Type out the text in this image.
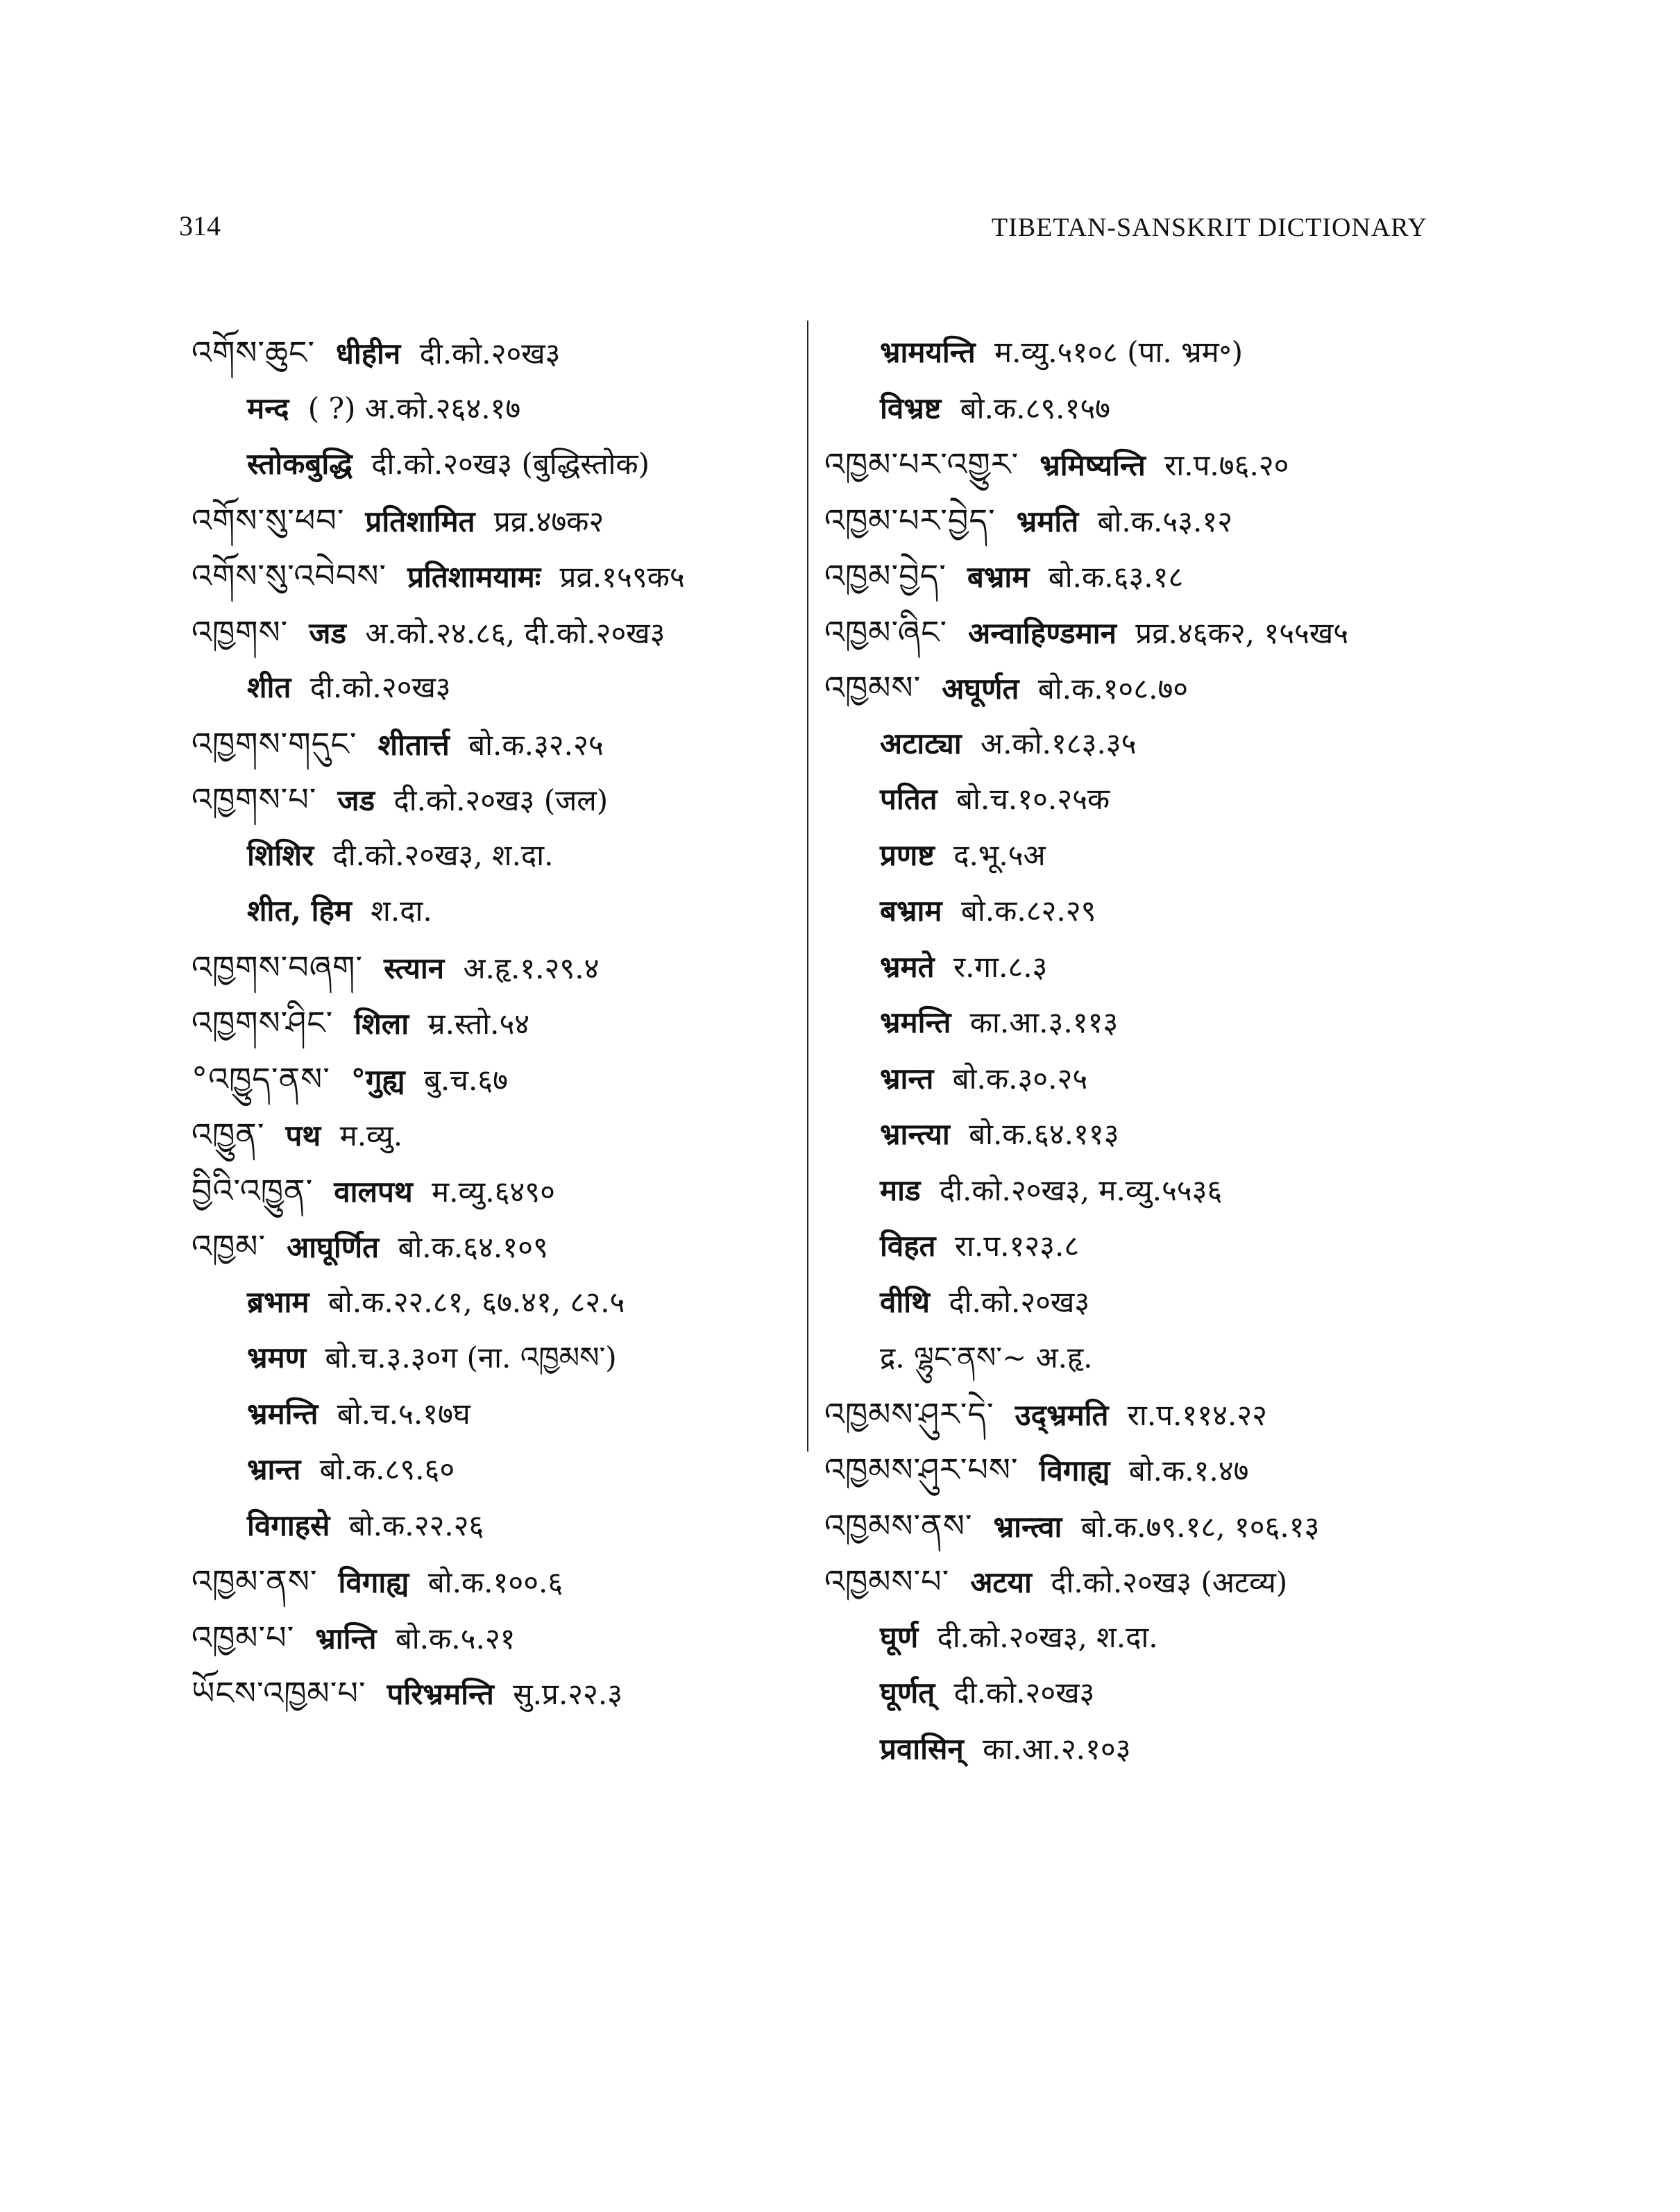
314	TIBETAN-SANSKRIT DICTIONARY
འགོས་ཆུང་ धीहीन दी.को.२०ख३
मन्द ( ?) अ.को.२६४.१७
स्तोकबुद्धि दी.को.२०ख३ (बुद्धिस्तोक)
འགོས་སུ་ཕབ་ प्रतिशामित प्रव्र.४७क२
འགོས་སུ་འབེབས་ प्रतिशामयामः प्रव्र.१५९क५
འཁྱགས་ जड अ.को.२४.८६, दी.को.२०ख३
शीत दी.को.२०ख३
འཁྱགས་གདུང་ शीतार्त्त बो.क.३२.२५
འཁྱགས་པ་ जड दी.को.२०ख३ (जल)
शिशिर दी.को.२०ख३, श.दा.
शीत, हिम श.दा.
འཁྱགས་བཞག་ स्त्यान अ.हृ.१.२९.४
འཁྱགས་ཤིང་ शिला म्र.स्तो.५४
°འཁྱུད་ནས་ °गुह्य बु.च.६७
འཁྱུན་ पथ म.व्यु.
བྱིའི་འཁྱུན་ वालपथ म.व्यु.६४९०
འཁྱམ་ आघूर्णित बो.क.६४.१०९
ब्रभाम बो.क.२२.८१, ६७.४१, ८२.५
भ्रमण बो.च.३.३०ग (ना. འཁྱམས་)
भ्रमन्ति बो.च.५.१७घ
भ्रान्त बो.क.८९.६०
विगाहसे बो.क.२२.२६
འཁྱམ་ནས་ विगाह्य बो.क.१००.६
འཁྱམ་པ་ भ्रान्ति बो.क.५.२१
ཡོངས་འཁྱམ་པ་ परिभ्रमन्ति सु.प्र.२२.३
भ्रामयन्ति म.व्यु.५१०८ (पा. भ्रम॰)
विभ्रष्ट बो.क.८९.१५७
འཁྱམ་པར་འགྱུར་ भ्रमिष्यन्ति रा.प.७६.२०
འཁྱམ་པར་བྱེད་ भ्रमति बो.क.५३.१२
འཁྱམ་བྱེད་ बभ्राम बो.क.६३.१८
འཁྱམ་ཞིང་ अन्वाहिण्डमान प्रव्र.४६क२, १५५ख५
འཁྱམས་ अघूर्णत बो.क.१०८.७०
अटाट्या अ.को.१८३.३५
पतित बो.च.१०.२५क
प्रणष्ट द.भू.५अ
बभ्राम बो.क.८२.२९
भ्रमते र.गा.८.३
भ्रमन्ति का.आ.३.११३
भ्रान्त बो.क.३०.२५
भ्रान्त्या बो.क.६४.११३
माड दी.को.२०ख३, म.व्यु.५५३६
विहत रा.प.१२३.८
वीथि दी.को.२०ख३
द्र. ལྷུང་ནས་~ अ.हृ.
འཁྱམས་ཤུར་དེ་ उद्भ्रमति रा.प.११४.२२
འཁྱམས་ཤུར་པས་ विगाह्य बो.क.१.४७
འཁྱམས་ནས་ भ्रान्त्वा बो.क.७९.१८, १०६.१३
འཁྱམས་པ་ अटया दी.को.२०ख३ (अटव्य)
घूर्ण दी.को.२०ख३, श.दा.
घूर्णत् दी.को.२०ख३
प्रवासिन् का.आ.२.१०३
